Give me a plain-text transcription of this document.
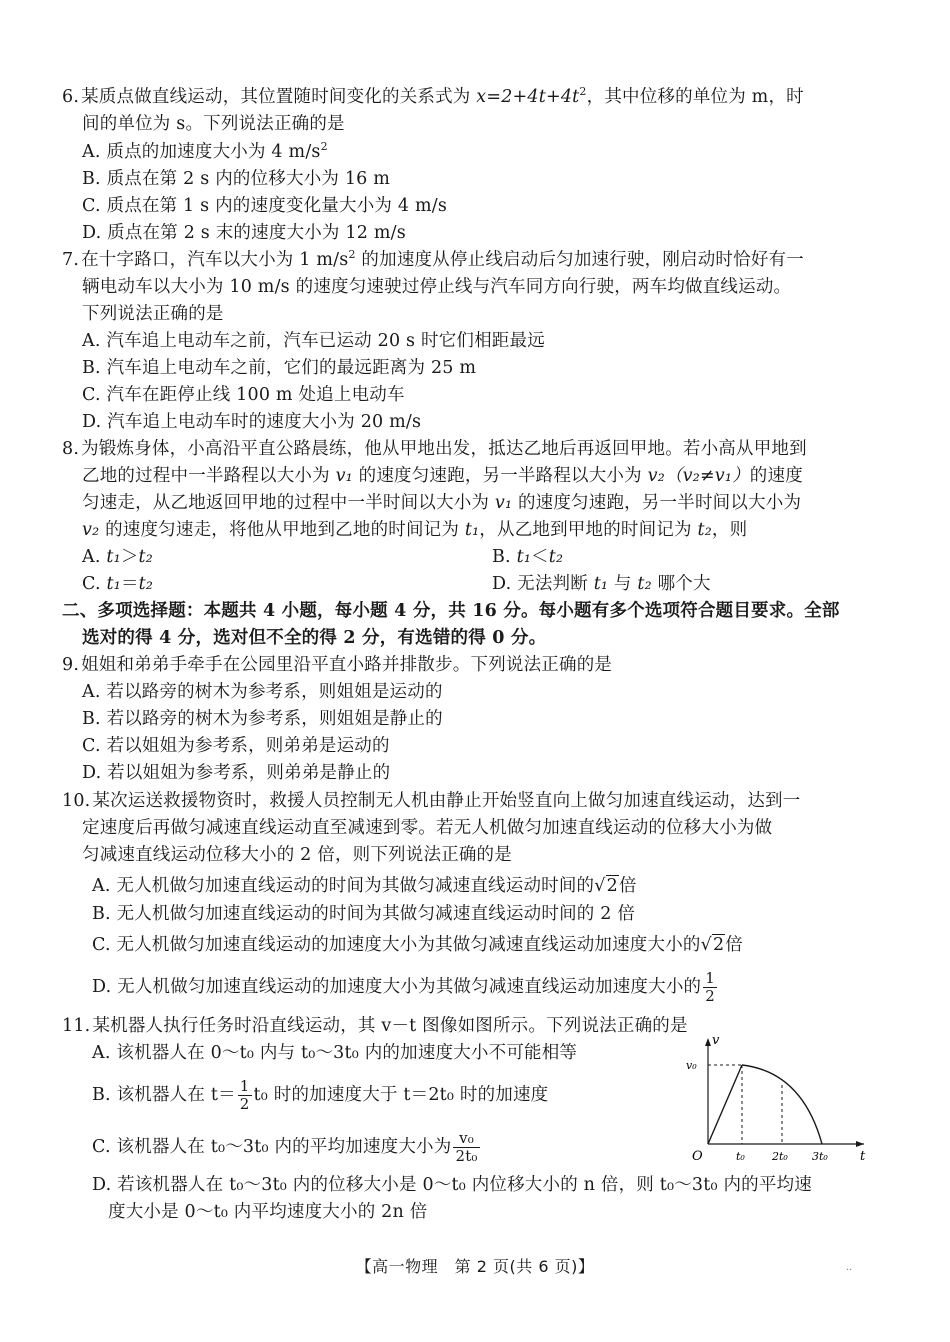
6. 某质点做直线运动，其位置随时间变化的关系式为 $x=2+4t+4t^2$，其中位移的单位为 m，时
间的单位为 s。下列说法正确的是
A. 质点的加速度大小为 4 $m/s^2$
B. 质点在第 2 s 内的位移大小为 16 m
C. 质点在第 1 s 内的速度变化量大小为 4 m/s
D. 质点在第 2 s 末的速度大小为 12 m/s
7. 在十字路口，汽车以大小为 1 $m/s^2$ 的加速度从停止线启动后匀加速行驶，刚启动时恰好有一
辆电动车以大小为 10 m/s 的速度匀速驶过停止线与汽车同方向行驶，两车均做直线运动。
下列说法正确的是
A. 汽车追上电动车之前，汽车已运动 20 s 时它们相距最远
B. 汽车追上电动车之前，它们的最远距离为 25 m
C. 汽车在距停止线 100 m 处追上电动车
D. 汽车追上电动车时的速度大小为 20 m/s
8. 为锻炼身体，小高沿平直公路晨练，他从甲地出发，抵达乙地后再返回甲地。若小高从甲地到
乙地的过程中一半路程以大小为 v₁ 的速度匀速跑，另一半路程以大小为 v₂（v₂≠v₁）的速度
匀速走，从乙地返回甲地的过程中一半时间以大小为 v₁ 的速度匀速跑，另一半时间以大小为
v₂ 的速度匀速走，将他从甲地到乙地的时间记为 t₁，从乙地到甲地的时间记为 t₂，则
A. t₁＞t₂	B. t₁＜t₂
C. t₁＝t₂	D. 无法判断 t₁ 与 t₂ 哪个大
二、多项选择题：本题共 4 小题，每小题 4 分，共 16 分。每小题有多个选项符合题目要求。全部
选对的得 4 分，选对但不全的得 2 分，有选错的得 0 分。
9. 姐姐和弟弟手牵手在公园里沿平直小路并排散步。下列说法正确的是
A. 若以路旁的树木为参考系，则姐姐是运动的
B. 若以路旁的树木为参考系，则姐姐是静止的
C. 若以姐姐为参考系，则弟弟是运动的
D. 若以姐姐为参考系，则弟弟是静止的
10. 某次运送救援物资时，救援人员控制无人机由静止开始竖直向上做匀加速直线运动，达到一
定速度后再做匀减速直线运动直至减速到零。若无人机做匀加速直线运动的位移大小为做
匀减速直线运动位移大小的 2 倍，则下列说法正确的是
A. 无人机做匀加速直线运动的时间为其做匀减速直线运动时间的√2倍
B. 无人机做匀加速直线运动的时间为其做匀减速直线运动时间的 2 倍
C. 无人机做匀加速直线运动的加速度大小为其做匀减速直线运动加速度大小的√2倍
D. 无人机做匀加速直线运动的加速度大小为其做匀减速直线运动加速度大小的 $\frac{1}{2}$
11. 某机器人执行任务时沿直线运动，其 v－t 图像如图所示。下列说法正确的是
A. 该机器人在 0～t₀ 内与 t₀～3t₀ 内的加速度大小不可能相等
B. 该机器人在 $t= \frac{1}{2} t_0$ 时的加速度大于 t＝2t₀ 时的加速度
C. 该机器人在 t₀～3t₀ 内的平均加速度大小为 $\frac{\text{v₀}}{\text{2t₀}}$
D. 若该机器人在 t₀～3t₀ 内的位移大小是 0～t₀ 内位移大小的 n 倍，则 t₀～3t₀ 内的平均速
度大小是 0～t₀ 内平均速度大小的 2n 倍
v
t
O
v₀
t₀ 2t₀ 3t₀
【高一物理　第 2 页(共 6 页)】	..
